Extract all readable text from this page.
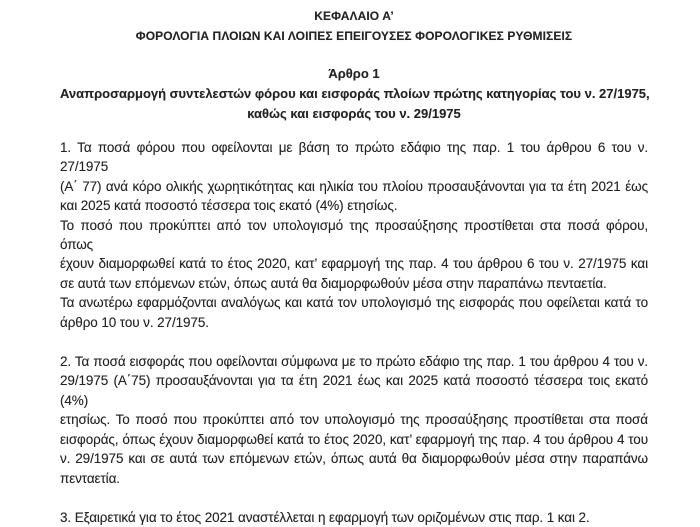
ΚΕΦΑΛΑΙΟ Α’
ΦΟΡΟΛΟΓΙΑ ΠΛΟΙΩΝ ΚΑΙ ΛΟΙΠΕΣ ΕΠΕΙΓΟΥΣΕΣ ΦΟΡΟΛΟΓΙΚΕΣ ΡΥΘΜΙΣΕΙΣ
Άρθρο 1
Αναπροσαρμογή συντελεστών φόρου και εισφοράς πλοίων πρώτης κατηγορίας του ν. 27/1975,
καθώς και εισφοράς του ν. 29/1975
1. Τα ποσά φόρου που οφείλονται με βάση το πρώτο εδάφιο της παρ. 1 του άρθρου 6 του ν. 27/1975
(Α΄ 77) ανά κόρο ολικής χωρητικότητας και ηλικία του πλοίου προσαυξάνονται για τα έτη 2021 έως
και 2025 κατά ποσοστό τέσσερα τοις εκατό (4%) ετησίως.
Το ποσό που προκύπτει από τον υπολογισμό της προσαύξησης προστίθεται στα ποσά φόρου, όπως
έχουν διαμορφωθεί κατά το έτος 2020, κατ’ εφαρμογή της παρ. 4 του άρθρου 6 του ν. 27/1975 και
σε αυτά των επόμενων ετών, όπως αυτά θα διαμορφωθούν μέσα στην παραπάνω πενταετία.
Τα ανωτέρω εφαρμόζονται αναλόγως και κατά τον υπολογισμό της εισφοράς που οφείλεται κατά το
άρθρο 10 του ν. 27/1975.
2. Τα ποσά εισφοράς που οφείλονται σύμφωνα με το πρώτο εδάφιο της παρ. 1 του άρθρου 4 του ν.
29/1975 (Α΄75) προσαυξάνονται για τα έτη 2021 έως και 2025 κατά ποσοστό τέσσερα τοις εκατό (4%)
ετησίως. Το ποσό που προκύπτει από τον υπολογισμό της προσαύξησης προστίθεται στα ποσά
εισφοράς, όπως έχουν διαμορφωθεί κατά το έτος 2020, κατ’ εφαρμογή της παρ. 4 του άρθρου 4 του
ν. 29/1975 και σε αυτά των επόμενων ετών, όπως αυτά θα διαμορφωθούν μέσα στην παραπάνω
πενταετία.
3. Εξαιρετικά για το έτος 2021 αναστέλλεται η εφαρμογή των οριζομένων στις παρ. 1 και 2.
